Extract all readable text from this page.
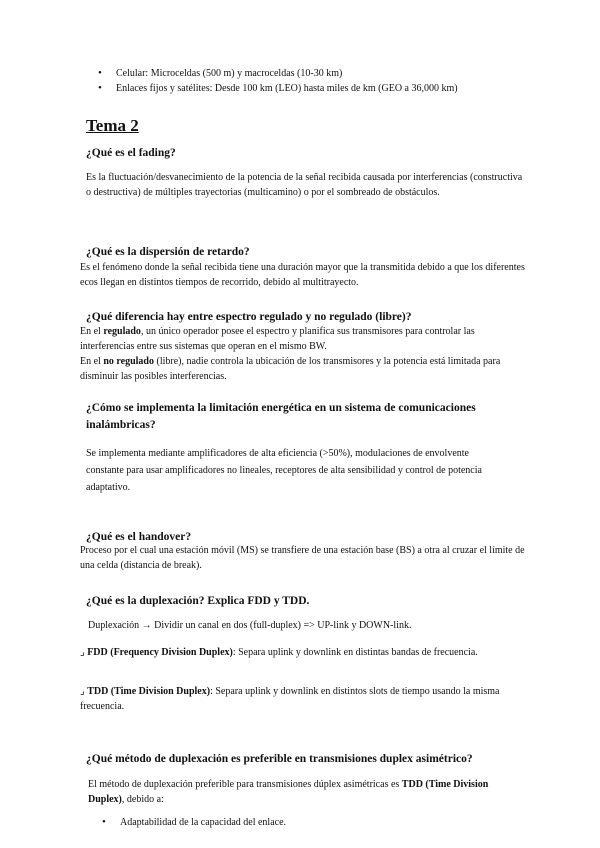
• Celular: Microceldas (500 m) y macroceldas (10-30 km)
• Enlaces fijos y satélites: Desde 100 km (LEO) hasta miles de km (GEO a 36,000 km)
Tema 2
¿Qué es el fading?

Es la fluctuación/desvanecimiento de la potencia de la señal recibida causada por interferencias (constructiva o destructiva) de múltiples trayectorias (multicamino) o por el sombreado de obstáculos.

¿Qué es la dispersión de retardo?

Es el fenómeno donde la señal recibida tiene una duración mayor que la transmitida debido a que los diferentes ecos llegan en distintos tiempos de recorrido, debido al multitrayecto.

¿Qué diferencia hay entre espectro regulado y no regulado (libre)?

En el regulado, un único operador posee el espectro y planifica sus transmisores para controlar las interferencias entre sus sistemas que operan en el mismo BW.

En el no regulado (libre), nadie controla la ubicación de los transmisores y la potencia está limitada para disminuir las posibles interferencias.

¿Cómo se implementa la limitación energética en un sistema de comunicaciones inalámbricas?

Se implementa mediante amplificadores de alta eficiencia (>50%), modulaciones de envolvente constante para usar amplificadores no lineales, receptores de alta sensibilidad y control de potencia adaptativo.

¿Qué es el handover?

Proceso por el cual una estación móvil (MS) se transfiere de una estación base (BS) a otra al cruzar el límite de una celda (distancia de break).

¿Qué es la duplexación? Explica FDD y TDD.

Duplexación → Dividir un canal en dos (full-duplex) => UP-link y DOWN-link.

⌟ FDD (Frequency Division Duplex): Separa uplink y downlink en distintas bandas de frecuencia.

⌟ TDD (Time Division Duplex): Separa uplink y downlink en distintos slots de tiempo usando la misma frecuencia.

¿Qué método de duplexación es preferible en transmisiones duplex asimétrico?

El método de duplexación preferible para transmisiones dúplex asimétricas es TDD (Time Division Duplex), debido a:

• Adaptabilidad de la capacidad del enlace.
